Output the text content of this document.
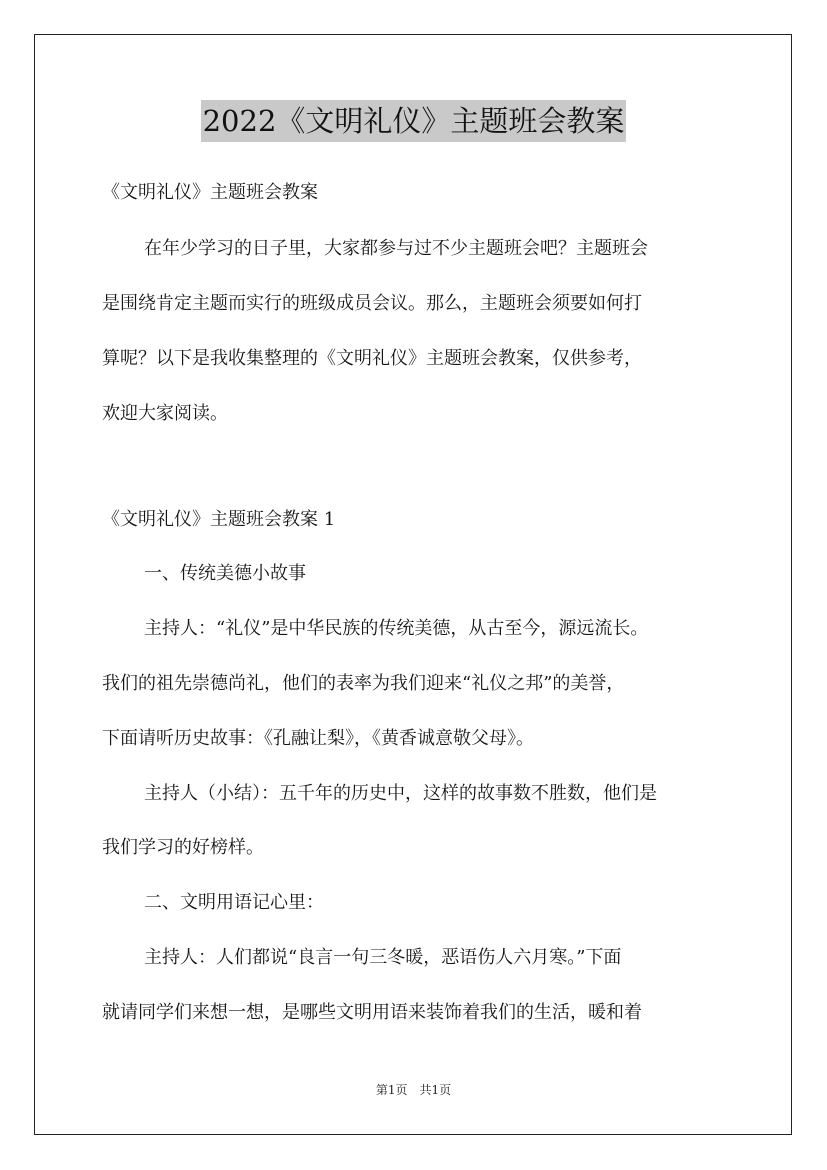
2022《文明礼仪》主题班会教案
《文明礼仪》主题班会教案
在年少学习的日子里，大家都参与过不少主题班会吧？主题班会
是围绕肯定主题而实行的班级成员会议。那么，主题班会须要如何打
算呢？以下是我收集整理的《文明礼仪》主题班会教案，仅供参考，
欢迎大家阅读。
《文明礼仪》主题班会教案 1
一、传统美德小故事
主持人：“礼仪”是中华民族的传统美德，从古至今，源远流长。
我们的祖先崇德尚礼，他们的表率为我们迎来“礼仪之邦”的美誉，
下面请听历史故事：《孔融让梨》，《黄香诚意敬父母》。
主持人（小结）：五千年的历史中，这样的故事数不胜数，他们是
我们学习的好榜样。
二、文明用语记心里：
主持人：人们都说“良言一句三冬暖，恶语伤人六月寒。”下面
就请同学们来想一想，是哪些文明用语来装饰着我们的生活，暖和着
第1页　共1页
